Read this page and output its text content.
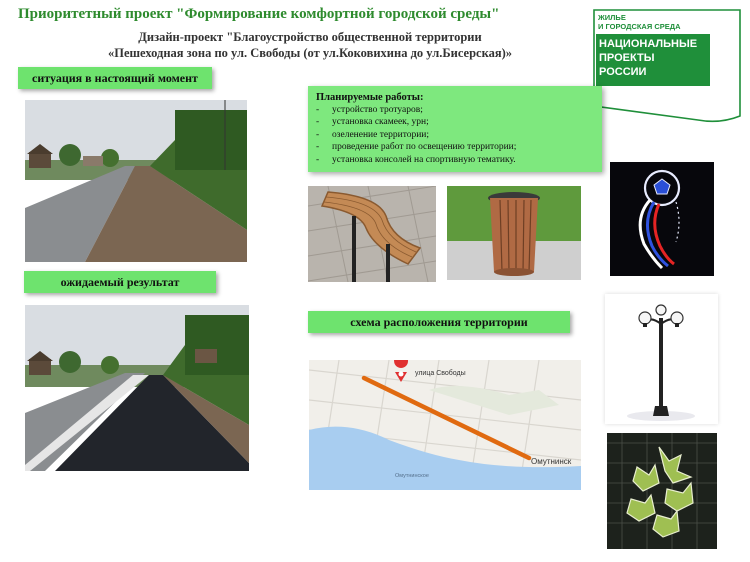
Приоритетный проект "Формирование комфортной городской среды"
Дизайн-проект "Благоустройство общественной территории
«Пешеходная зона по ул. Свободы (от ул.Коковихина до ул.Бисерская)»
ЖИЛЬЕ
И ГОРОДСКАЯ СРЕДА
НАЦИОНАЛЬНЫЕ
ПРОЕКТЫ
РОССИИ
ситуация в настоящий момент
ожидаемый результат
Планируемые работы:
- устройство тротуаров;
- установка скамеек, урн;
- озеленение территории;
- проведение работ по освещению территории;
- установка консолей на спортивную тематику.
схема расположения территории
улица Свободы
Омутнинск
Омутнинское
